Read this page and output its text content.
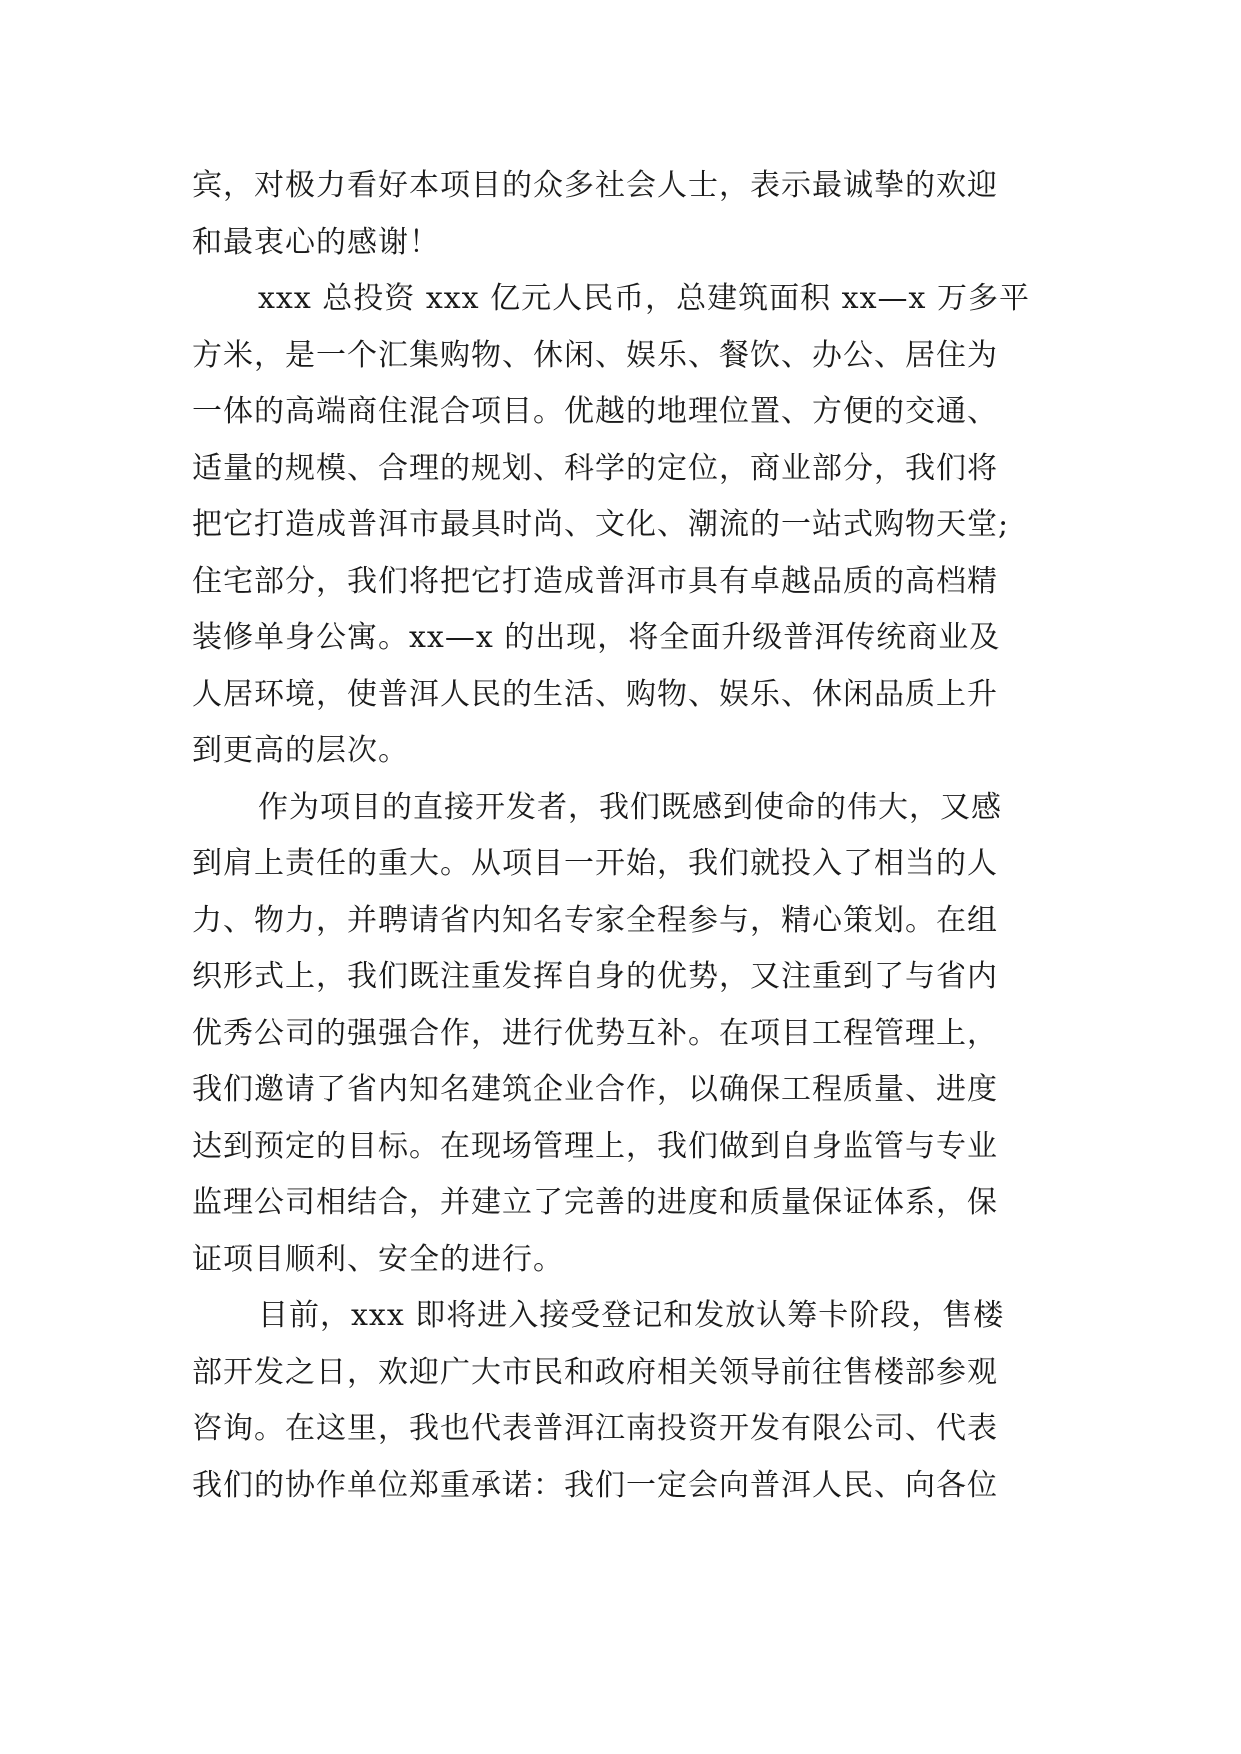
宾，对极力看好本项目的众多社会人士，表示最诚挚的欢迎
和最衷心的感谢！
xxx 总投资 xxx 亿元人民币，总建筑面积 xx—x 万多平
方米，是一个汇集购物、休闲、娱乐、餐饮、办公、居住为
一体的高端商住混合项目。优越的地理位置、方便的交通、
适量的规模、合理的规划、科学的定位，商业部分，我们将
把它打造成普洱市最具时尚、文化、潮流的一站式购物天堂;
住宅部分，我们将把它打造成普洱市具有卓越品质的高档精
装修单身公寓。xx—x 的出现，将全面升级普洱传统商业及
人居环境，使普洱人民的生活、购物、娱乐、休闲品质上升
到更高的层次。
作为项目的直接开发者，我们既感到使命的伟大，又感
到肩上责任的重大。从项目一开始，我们就投入了相当的人
力、物力，并聘请省内知名专家全程参与，精心策划。在组
织形式上，我们既注重发挥自身的优势，又注重到了与省内
优秀公司的强强合作，进行优势互补。在项目工程管理上，
我们邀请了省内知名建筑企业合作，以确保工程质量、进度
达到预定的目标。在现场管理上，我们做到自身监管与专业
监理公司相结合，并建立了完善的进度和质量保证体系，保
证项目顺利、安全的进行。
目前，xxx 即将进入接受登记和发放认筹卡阶段，售楼
部开发之日，欢迎广大市民和政府相关领导前往售楼部参观
咨询。在这里，我也代表普洱江南投资开发有限公司、代表
我们的协作单位郑重承诺：我们一定会向普洱人民、向各位
